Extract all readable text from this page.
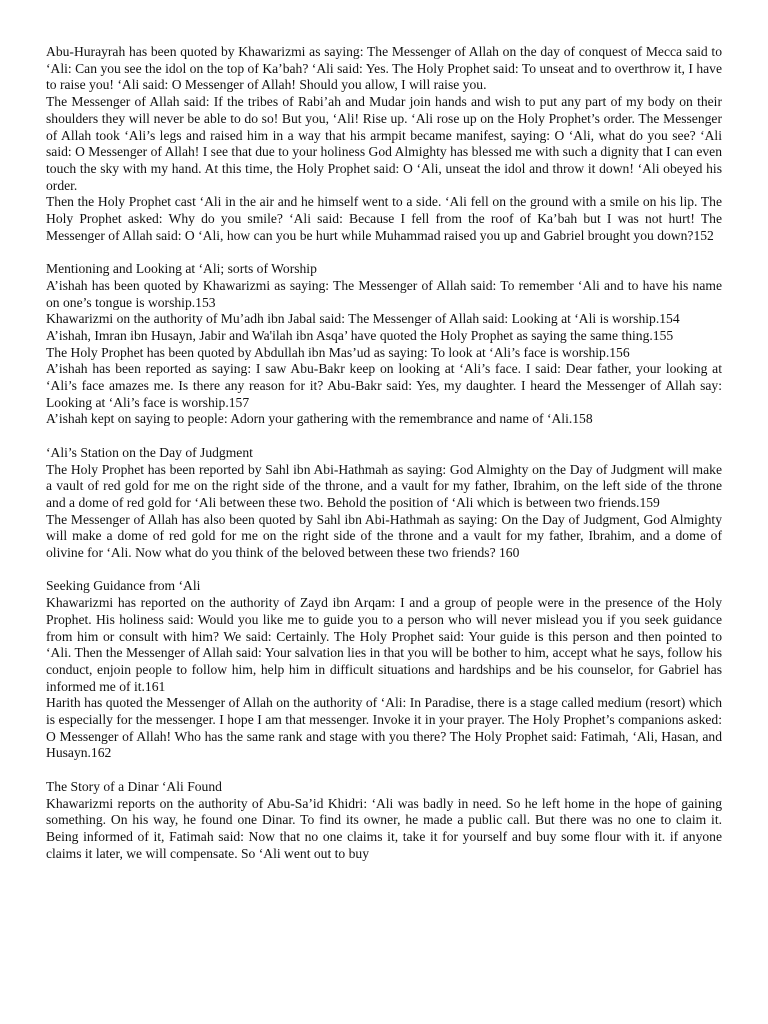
Abu-Hurayrah has been quoted by Khawarizmi as saying: The Messenger of Allah on the day of conquest of Mecca said to ‘Ali: Can you see the idol on the top of Ka’bah? ‘Ali said: Yes. The Holy Prophet said: To unseat and to overthrow it, I have to raise you! ‘Ali said: O Messenger of Allah! Should you allow, I will raise you.

The Messenger of Allah said: If the tribes of Rabi’ah and Mudar join hands and wish to put any part of my body on their shoulders they will never be able to do so! But you, ‘Ali! Rise up. ‘Ali rose up on the Holy Prophet’s order. The Messenger of Allah took ‘Ali’s legs and raised him in a way that his armpit became manifest, saying: O ‘Ali, what do you see? ‘Ali said: O Messenger of Allah! I see that due to your holiness God Almighty has blessed me with such a dignity that I can even touch the sky with my hand. At this time, the Holy Prophet said: O ‘Ali, unseat the idol and throw it down! ‘Ali obeyed his order.

Then the Holy Prophet cast ‘Ali in the air and he himself went to a side. ‘Ali fell on the ground with a smile on his lip. The Holy Prophet asked: Why do you smile? ‘Ali said: Because I fell from the roof of Ka’bah but I was not hurt! The Messenger of Allah said: O ‘Ali, how can you be hurt while Muhammad raised you up and Gabriel brought you down?152

Mentioning and Looking at ‘Ali; sorts of Worship

A’ishah has been quoted by Khawarizmi as saying: The Messenger of Allah said: To remember ‘Ali and to have his name on one’s tongue is worship.153

Khawarizmi on the authority of Mu’adh ibn Jabal said: The Messenger of Allah said: Looking at ‘Ali is worship.154

A’ishah, Imran ibn Husayn, Jabir and Wa'ilah ibn Asqa’ have quoted the Holy Prophet as saying the same thing.155

The Holy Prophet has been quoted by Abdullah ibn Mas’ud as saying: To look at ‘Ali’s face is worship.156

A’ishah has been reported as saying: I saw Abu-Bakr keep on looking at ‘Ali’s face. I said: Dear father, your looking at ‘Ali’s face amazes me. Is there any reason for it? Abu-Bakr said: Yes, my daughter. I heard the Messenger of Allah say: Looking at ‘Ali’s face is worship.157

A’ishah kept on saying to people: Adorn your gathering with the remembrance and name of ‘Ali.158

‘Ali’s Station on the Day of Judgment

The Holy Prophet has been reported by Sahl ibn Abi-Hathmah as saying: God Almighty on the Day of Judgment will make a vault of red gold for me on the right side of the throne, and a vault for my father, Ibrahim, on the left side of the throne and a dome of red gold for ‘Ali between these two. Behold the position of ‘Ali which is between two friends.159

The Messenger of Allah has also been quoted by Sahl ibn Abi-Hathmah as saying: On the Day of Judgment, God Almighty will make a dome of red gold for me on the right side of the throne and a vault for my father, Ibrahim, and a dome of olivine for ‘Ali. Now what do you think of the beloved between these two friends? 160

Seeking Guidance from ‘Ali

Khawarizmi has reported on the authority of Zayd ibn Arqam: I and a group of people were in the presence of the Holy Prophet. His holiness said: Would you like me to guide you to a person who will never mislead you if you seek guidance from him or consult with him? We said: Certainly. The Holy Prophet said: Your guide is this person and then pointed to ‘Ali. Then the Messenger of Allah said: Your salvation lies in that you will be bother to him, accept what he says, follow his conduct, enjoin people to follow him, help him in difficult situations and hardships and be his counselor, for Gabriel has informed me of it.161

Harith has quoted the Messenger of Allah on the authority of ‘Ali: In Paradise, there is a stage called medium (resort) which is especially for the messenger. I hope I am that messenger. Invoke it in your prayer. The Holy Prophet’s companions asked: O Messenger of Allah! Who has the same rank and stage with you there? The Holy Prophet said: Fatimah, ‘Ali, Hasan, and Husayn.162

The Story of a Dinar ‘Ali Found

Khawarizmi reports on the authority of Abu-Sa’id Khidri: ‘Ali was badly in need. So he left home in the hope of gaining something. On his way, he found one Dinar. To find its owner, he made a public call. But there was no one to claim it. Being informed of it, Fatimah said: Now that no one claims it, take it for yourself and buy some flour with it. if anyone claims it later, we will compensate. So ‘Ali went out to buy
